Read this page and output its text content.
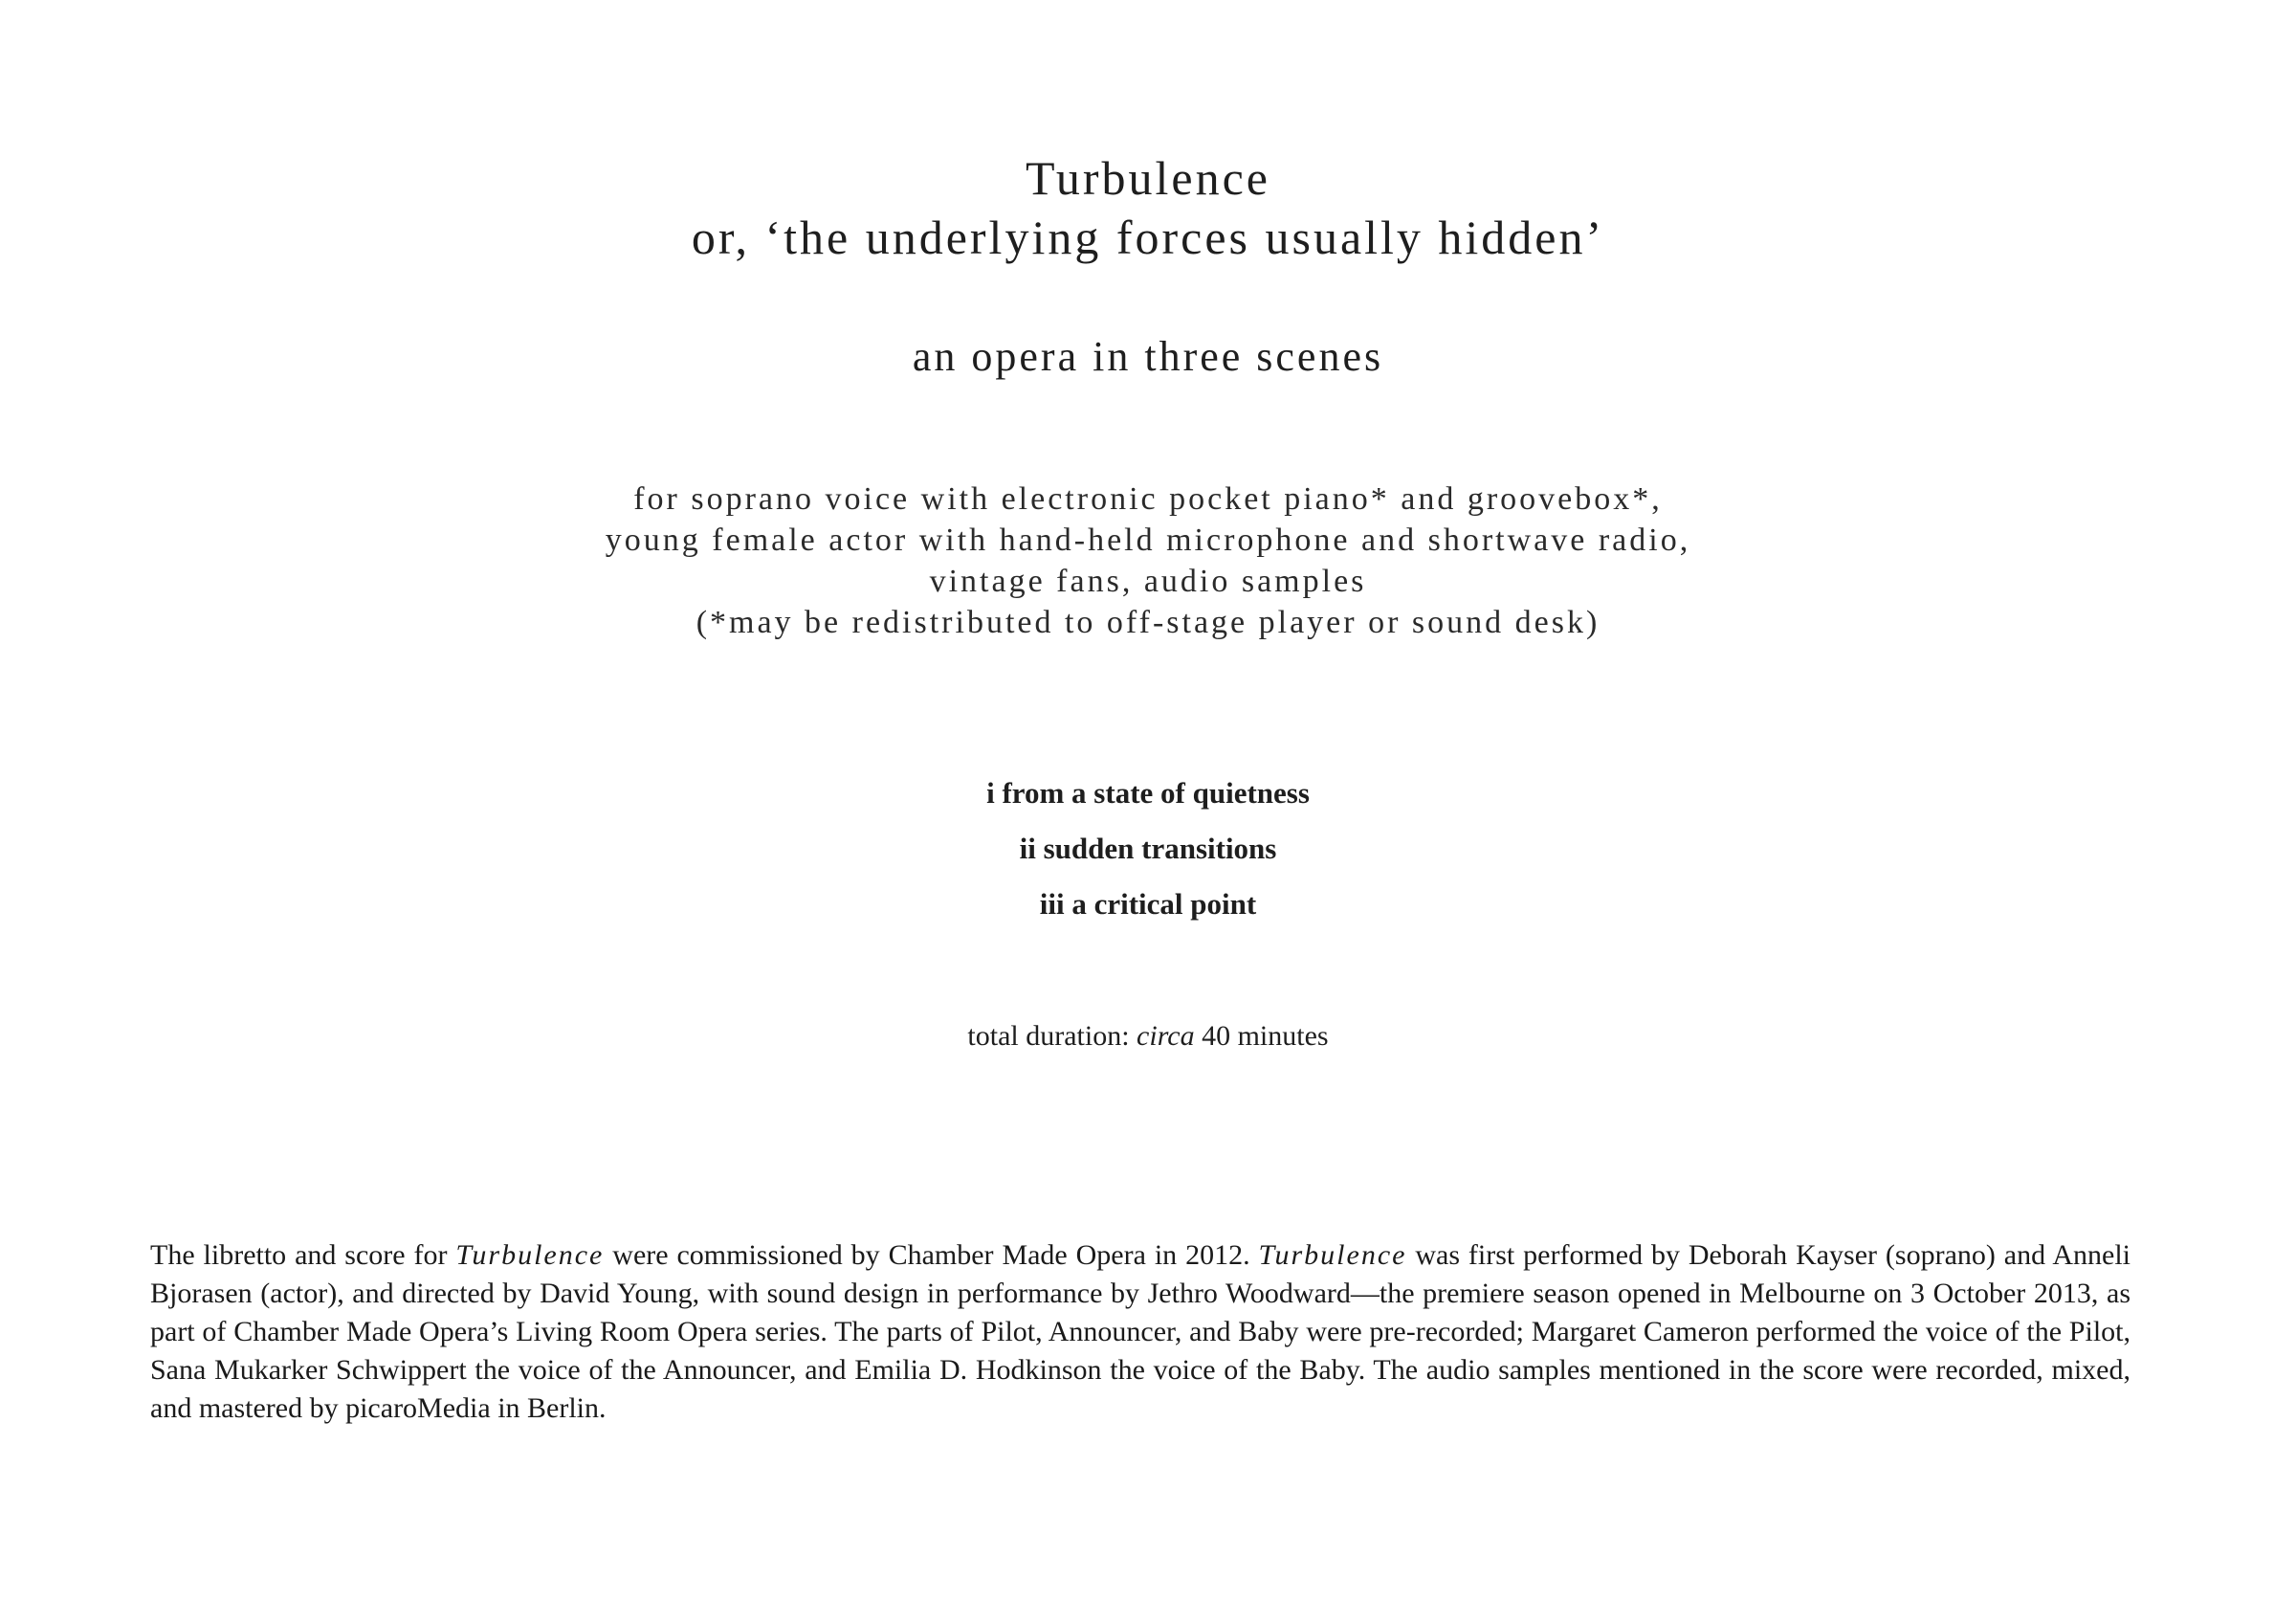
Turbulence
or, ‘the underlying forces usually hidden’
an opera in three scenes
for soprano voice with electronic pocket piano* and groovebox*,
young female actor with hand-held microphone and shortwave radio,
vintage fans, audio samples
(*may be redistributed to off-stage player or sound desk)
i from a state of quietness
ii sudden transitions
iii a critical point
total duration: circa 40 minutes

The libretto and score for Turbulence were commissioned by Chamber Made Opera in 2012. Turbulence was first performed by Deborah Kayser (soprano) and Anneli Bjorasen (actor), and directed by David Young, with sound design in performance by Jethro Woodward—the premiere season opened in Melbourne on 3 October 2013, as part of Chamber Made Opera’s Living Room Opera series. The parts of Pilot, Announcer, and Baby were pre-recorded; Margaret Cameron performed the voice of the Pilot, Sana Mukarker Schwippert the voice of the Announcer, and Emilia D. Hodkinson the voice of the Baby. The audio samples mentioned in the score were recorded, mixed, and mastered by picaroMedia in Berlin.
